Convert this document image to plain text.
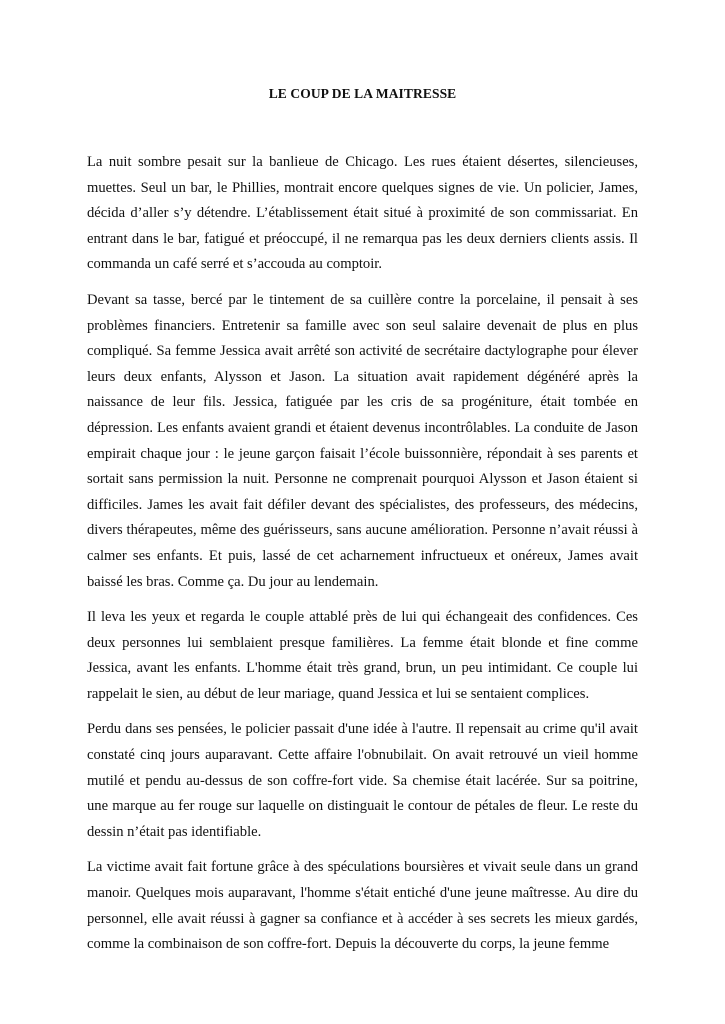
LE COUP DE LA MAITRESSE

La nuit sombre pesait sur la banlieue de Chicago. Les rues étaient désertes, silencieuses, muettes. Seul un bar, le Phillies, montrait encore quelques signes de vie. Un policier, James, décida d’aller s’y détendre. L’établissement était situé à proximité de son commissariat. En entrant dans le bar, fatigué et préoccupé, il ne remarqua pas les deux derniers clients assis. Il commanda un café serré et s’accouda au comptoir.

Devant sa tasse, bercé par le tintement de sa cuillère contre la porcelaine, il pensait à ses problèmes financiers. Entretenir sa famille avec son seul salaire devenait de plus en plus compliqué. Sa femme Jessica avait arrêté son activité de secrétaire dactylographe pour élever leurs deux enfants, Alysson et Jason. La situation avait rapidement dégénéré après la naissance de leur fils. Jessica, fatiguée par les cris de sa progéniture, était tombée en dépression. Les enfants avaient grandi et étaient devenus incontrôlables. La conduite de Jason empirait chaque jour : le jeune garçon faisait l’école buissonnière, répondait à ses parents et sortait sans permission la nuit. Personne ne comprenait pourquoi Alysson et Jason étaient si difficiles. James les avait fait défiler devant des spécialistes, des professeurs, des médecins, divers thérapeutes, même des guérisseurs, sans aucune amélioration. Personne n’avait réussi à calmer ses enfants. Et puis, lassé de cet acharnement infructueux et onéreux, James avait baissé les bras. Comme ça. Du jour au lendemain.

Il leva les yeux et regarda le couple attablé près de lui qui échangeait des confidences. Ces deux personnes lui semblaient presque familières. La femme était blonde et fine comme Jessica, avant les enfants. L'homme était très grand, brun, un peu intimidant. Ce couple lui rappelait le sien, au début de leur mariage, quand Jessica et lui se sentaient complices.

Perdu dans ses pensées, le policier passait d'une idée à l'autre. Il repensait au crime qu'il avait constaté cinq jours auparavant. Cette affaire l'obnubilait. On avait retrouvé un vieil homme mutilé et pendu au-dessus de son coffre-fort vide. Sa chemise était lacérée. Sur sa poitrine, une marque au fer rouge sur laquelle on distinguait le contour de pétales de fleur. Le reste du dessin n’était pas identifiable.

La victime avait fait fortune grâce à des spéculations boursières et vivait seule dans un grand manoir. Quelques mois auparavant, l'homme s'était entiché d'une jeune maîtresse. Au dire du personnel, elle avait réussi à gagner sa confiance et à accéder à ses secrets les mieux gardés, comme la combinaison de son coffre-fort. Depuis la découverte du corps, la jeune femme
